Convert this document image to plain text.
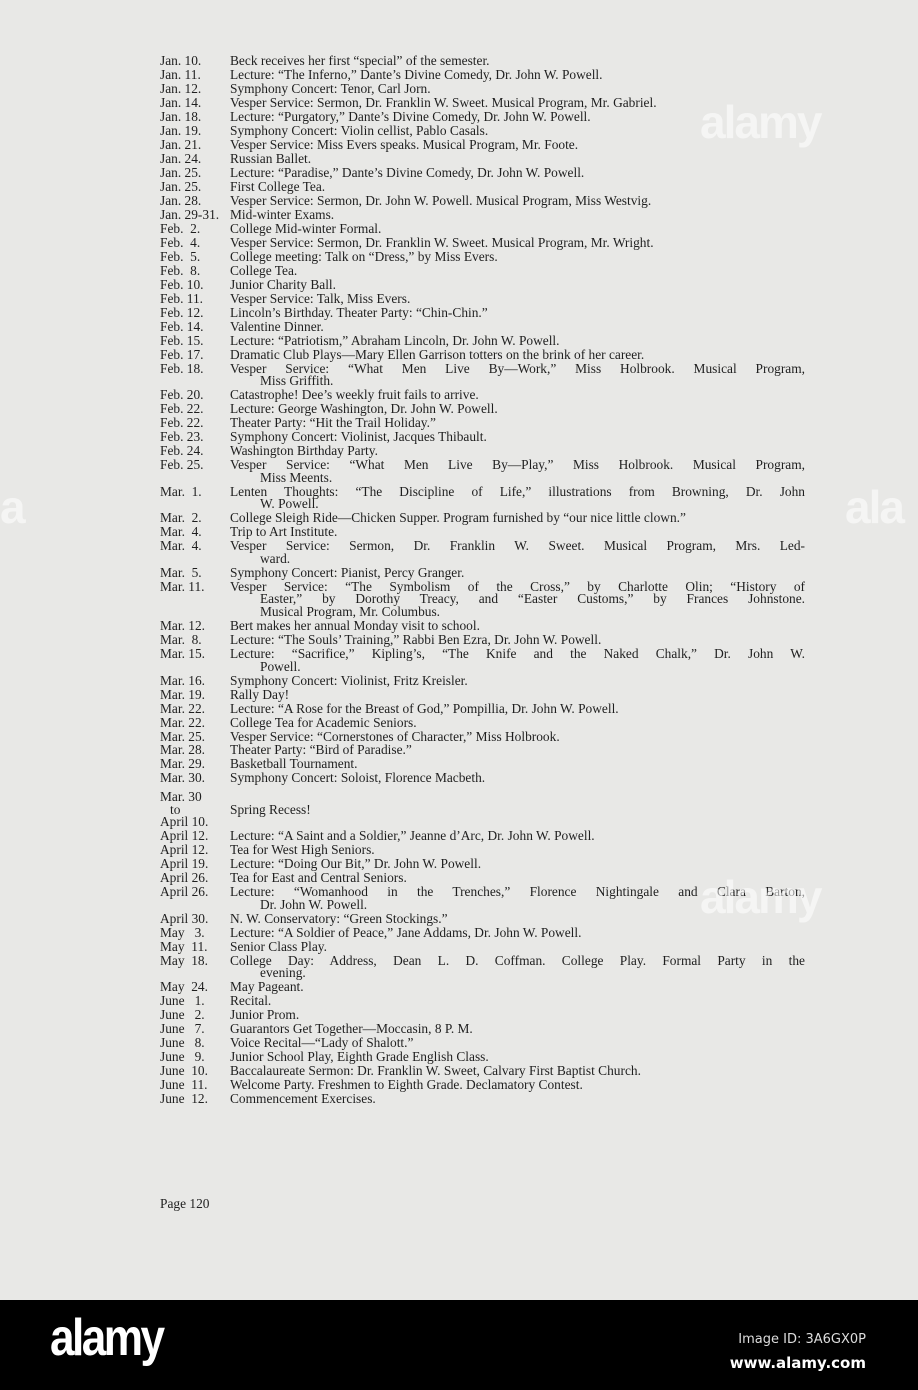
Jan. 10.	Beck receives her first “special” of the semester.
Jan. 11.	Lecture: “The Inferno,” Dante’s Divine Comedy, Dr. John W. Powell.
Jan. 12.	Symphony Concert: Tenor, Carl Jorn.
Jan. 14.	Vesper Service: Sermon, Dr. Franklin W. Sweet. Musical Program, Mr. Gabriel.
Jan. 18.	Lecture: “Purgatory,” Dante’s Divine Comedy, Dr. John W. Powell.
Jan. 19.	Symphony Concert: Violin cellist, Pablo Casals.
Jan. 21.	Vesper Service: Miss Evers speaks. Musical Program, Mr. Foote.
Jan. 24.	Russian Ballet.
Jan. 25.	Lecture: “Paradise,” Dante’s Divine Comedy, Dr. John W. Powell.
Jan. 25.	First College Tea.
Jan. 28.	Vesper Service: Sermon, Dr. John W. Powell. Musical Program, Miss Westvig.
Jan. 29-31. Mid-winter Exams.
Feb.  2.	College Mid-winter Formal.
Feb.  4.	Vesper Service: Sermon, Dr. Franklin W. Sweet. Musical Program, Mr. Wright.
Feb.  5.	College meeting: Talk on “Dress,” by Miss Evers.
Feb.  8.	College Tea.
Feb. 10.	Junior Charity Ball.
Feb. 11.	Vesper Service: Talk, Miss Evers.
Feb. 12.	Lincoln’s Birthday. Theater Party: “Chin-Chin.”
Feb. 14.	Valentine Dinner.
Feb. 15.	Lecture: “Patriotism,” Abraham Lincoln, Dr. John W. Powell.
Feb. 17.	Dramatic Club Plays—Mary Ellen Garrison totters on the brink of her career.
Feb. 18.	Vesper Service: “What Men Live By—Work,” Miss Holbrook. Musical Program,
Miss Griffith.
Feb. 20.	Catastrophe! Dee’s weekly fruit fails to arrive.
Feb. 22.	Lecture: George Washington, Dr. John W. Powell.
Feb. 22.	Theater Party: “Hit the Trail Holiday.”
Feb. 23.	Symphony Concert: Violinist, Jacques Thibault.
Feb. 24.	Washington Birthday Party.
Feb. 25.	Vesper Service: “What Men Live By—Play,” Miss Holbrook. Musical Program,
Miss Meents.
Mar.  1.	Lenten Thoughts: “The Discipline of Life,” illustrations from Browning, Dr. John
W. Powell.
Mar.  2.	College Sleigh Ride—Chicken Supper. Program furnished by “our nice little clown.”
Mar.  4.	Trip to Art Institute.
Mar.  4.	Vesper Service: Sermon, Dr. Franklin W. Sweet. Musical Program, Mrs. Led-
ward.
Mar.  5.	Symphony Concert: Pianist, Percy Granger.
Mar. 11.	Vesper Service: “The Symbolism of the Cross,” by Charlotte Olin; “History of
Easter,” by Dorothy Treacy, and “Easter Customs,” by Frances Johnstone.
Musical Program, Mr. Columbus.
Mar. 12.	Bert makes her annual Monday visit to school.
Mar.  8.	Lecture: “The Souls’ Training,” Rabbi Ben Ezra, Dr. John W. Powell.
Mar. 15.	Lecture: “Sacrifice,” Kipling’s, “The Knife and the Naked Chalk,” Dr. John W.
Powell.
Mar. 16.	Symphony Concert: Violinist, Fritz Kreisler.
Mar. 19.	Rally Day!
Mar. 22.	Lecture: “A Rose for the Breast of God,” Pompillia, Dr. John W. Powell.
Mar. 22.	College Tea for Academic Seniors.
Mar. 25.	Vesper Service: “Cornerstones of Character,” Miss Holbrook.
Mar. 28.	Theater Party: “Bird of Paradise.”
Mar. 29.	Basketball Tournament.
Mar. 30.	Symphony Concert: Soloist, Florence Macbeth.
Mar. 30
to
April 10.
Spring Recess!
April 12.	Lecture: “A Saint and a Soldier,” Jeanne d’Arc, Dr. John W. Powell.
April 12.	Tea for West High Seniors.
April 19.	Lecture: “Doing Our Bit,” Dr. John W. Powell.
April 26.	Tea for East and Central Seniors.
April 26.	Lecture: “Womanhood in the Trenches,” Florence Nightingale and Clara Barton,
Dr. John W. Powell.
April 30.	N. W. Conservatory: “Green Stockings.”
May   3.	Lecture: “A Soldier of Peace,” Jane Addams, Dr. John W. Powell.
May  11.	Senior Class Play.
May  18.	College Day: Address, Dean L. D. Coffman. College Play. Formal Party in the
evening.
May  24.	May Pageant.
June   1.	Recital.
June   2.	Junior Prom.
June   7.	Guarantors Get Together—Moccasin, 8 P. M.
June   8.	Voice Recital—“Lady of Shalott.”
June   9.	Junior School Play, Eighth Grade English Class.
June  10.	Baccalaureate Sermon: Dr. Franklin W. Sweet, Calvary First Baptist Church.
June  11.	Welcome Party. Freshmen to Eighth Grade. Declamatory Contest.
June  12.	Commencement Exercises.
Page 120
a	ala
alamy
alamy
alamy	Image ID: 3A6GX0P
www.alamy.com
